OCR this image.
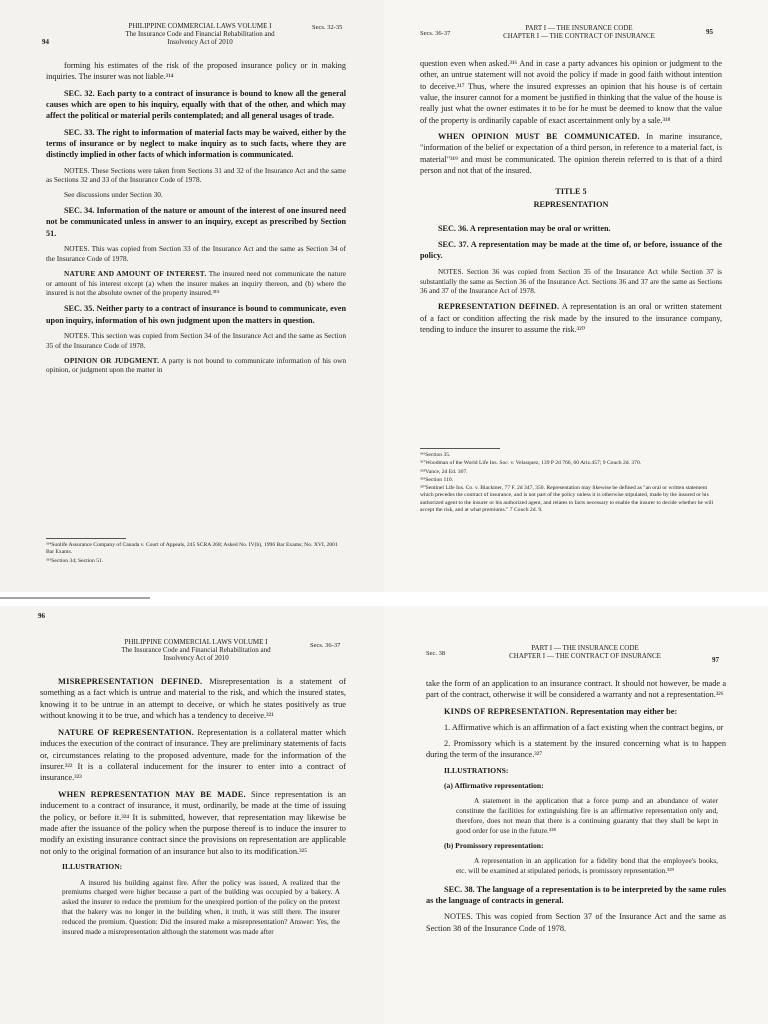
94
PHILIPPINE COMMERCIAL LAWS VOLUME I
The Insurance Code and Financial Rehabilitation and
Insolvency Act of 2010
Secs. 32-35

forming his estimates of the risk of the proposed insurance policy or in making inquiries. The insurer was not liable.³¹⁴

SEC. 32. Each party to a contract of insurance is bound to know all the general causes which are open to his inquiry, equally with that of the other, and which may affect the political or material perils contemplated; and all general usages of trade.

SEC. 33. The right to information of material facts may be waived, either by the terms of insurance or by neglect to make inquiry as to such facts, where they are distinctly implied in other facts of which information is communicated.

NOTES. These Sections were taken from Sections 31 and 32 of the Insurance Act and the same as Sections 32 and 33 of the Insurance Code of 1978.

See discussions under Section 30.

SEC. 34. Information of the nature or amount of the interest of one insured need not be communicated unless in answer to an inquiry, except as prescribed by Section 51.

NOTES. This was copied from Section 33 of the Insurance Act and the same as Section 34 of the Insurance Code of 1978.

NATURE AND AMOUNT OF INTEREST. The insured need not communicate the nature or amount of his interest except (a) when the insurer makes an inquiry thereon, and (b) where the insured is not the absolute owner of the property insured.³¹⁵

SEC. 35. Neither party to a contract of insurance is bound to communicate, even upon inquiry, information of his own judgment upon the matters in question.

NOTES. This section was copied from Section 34 of the Insurance Act and the same as Section 35 of the Insurance Code of 1978.

OPINION OR JUDGMENT. A party is not bound to communicate information of his own opinion, or judgment upon the matter in

³¹⁴Sunlife Assurance Company of Canada v. Court of Appeals, 245 SCRA 268; Asked No. IV(b), 1996 Bar Exams; No. XVI, 2001 Bar Exams.
³¹⁵Section 34; Section 51.
Secs. 36-37
PART I — THE INSURANCE CODE
CHAPTER I — THE CONTRACT OF INSURANCE
95

question even when asked.³¹⁶ And in case a party advances his opinion or judgment to the other, an untrue statement will not avoid the policy if made in good faith without intention to deceive.³¹⁷ Thus, where the insured expresses an opinion that his house is of certain value, the insurer cannot for a moment be justified in thinking that the value of the house is really just what the owner estimates it to be for he must be deemed to know that the value of the property is ordinarily capable of exact ascertainment only by a sale.³¹⁸

WHEN OPINION MUST BE COMMUNICATED. In marine insurance, "information of the belief or expectation of a third person, in reference to a material fact, is material"³¹⁹ and must be communicated. The opinion therein referred to is that of a third person and not that of the insured.

TITLE 5

REPRESENTATION

SEC. 36. A representation may be oral or written.

SEC. 37. A representation may be made at the time of, or before, issuance of the policy.

NOTES. Section 36 was copied from Section 35 of the Insurance Act while Section 37 is substantially the same as Section 36 of the Insurance Act. Sections 36 and 37 are the same as Sections 36 and 37 of the Insurance Act of 1978.

REPRESENTATION DEFINED. A representation is an oral or written statement of a fact or condition affecting the risk made by the insured to the insurance company, tending to induce the insurer to assume the risk.³²⁰

³¹⁶Section 35.
³¹⁷Woodman of the World Life Ins. Soc. v. Velasquez, 139 P 2d 766, 60 Ariz.457; 9 Couch 2d. 370.
³¹⁸Vance, 2d Ed. 367.
³¹⁹Section 110.
³²⁰Sentinel Life Ins. Co. v. Blackmer, 77 F. 2d 347, 350. Representation may likewise be defined as "an oral or written statement which precedes the contract of insurance, and is not part of the policy unless it is otherwise stipulated, made by the insured or his authorized agent to the insurer or his authorized agent, and relates to facts necessary to enable the insurer to decide whether he will accept the risk, and at what premiums." 7 Couch 2d. 9.
96
PHILIPPINE COMMERCIAL LAWS VOLUME I
The Insurance Code and Financial Rehabilitation and
Insolvency Act of 2010
Secs. 36-37

MISREPRESENTATION DEFINED. Misrepresentation is a statement of something as a fact which is untrue and material to the risk, and which the insured states, knowing it to be untrue in an attempt to deceive, or which he states positively as true without knowing it to be true, and which has a tendency to deceive.³²¹

NATURE OF REPRESENTATION. Representation is a collateral matter which induces the execution of the contract of insurance. They are preliminary statements of facts or, circumstances relating to the proposed adventure, made for the information of the insurer.³²² It is a collateral inducement for the insurer to enter into a contract of insurance.³²³

WHEN REPRESENTATION MAY BE MADE. Since representation is an inducement to a contract of insurance, it must, ordinarily, be made at the time of issuing the policy, or before it.³²⁴ It is submitted, however, that representation may likewise be made after the issuance of the policy when the purpose thereof is to induce the insurer to modify an existing insurance contract since the provisions on representation are applicable not only to the original formation of an insurance but also to its modification.³²⁵

ILLUSTRATION:

A insured his building against fire. After the policy was issued, A realized that the premiums charged were higher because a part of the building was occupied by a bakery. A asked the insurer to reduce the premium for the unexpired portion of the policy on the pretext that the bakery was no longer in the building when, it truth, it was still there. The insurer reduced the premium. Question: Did the insured make a misrepresentation? Answer: Yes, the insured made a misrepresentation although the statement was made after

Sec. 38
PART I — THE INSURANCE CODE
CHAPTER I — THE CONTRACT OF INSURANCE	97

take the form of an application to an insurance contract. It should not however, be made a part of the contract, otherwise it will be considered a warranty and not a representation.³²⁶

KINDS OF REPRESENTATION. Representation may either be:

1. Affirmative which is an affirmation of a fact existing when the contract begins, or

2. Promissory which is a statement by the insured concerning what is to happen during the term of the insurance.³²⁷

ILLUSTRATIONS:

(a) Affirmative representation:

A statement in the application that a force pump and an abundance of water constitute the facilities for extinguishing fire is an affirmative representation only and, therefore, does not mean that there is a continuing guaranty that they shall be kept in good order for use in the future.³²⁸

(b) Promissory representation:

A representation in an application for a fidelity bond that the employee's books, etc. will be examined at stipulated periods, is promissory representation.³²⁹

SEC. 38. The language of a representation is to be interpreted by the same rules as the language of contracts in general.

NOTES. This was copied from Section 37 of the Insurance Act and the same as Section 38 of the Insurance Code of 1978.
